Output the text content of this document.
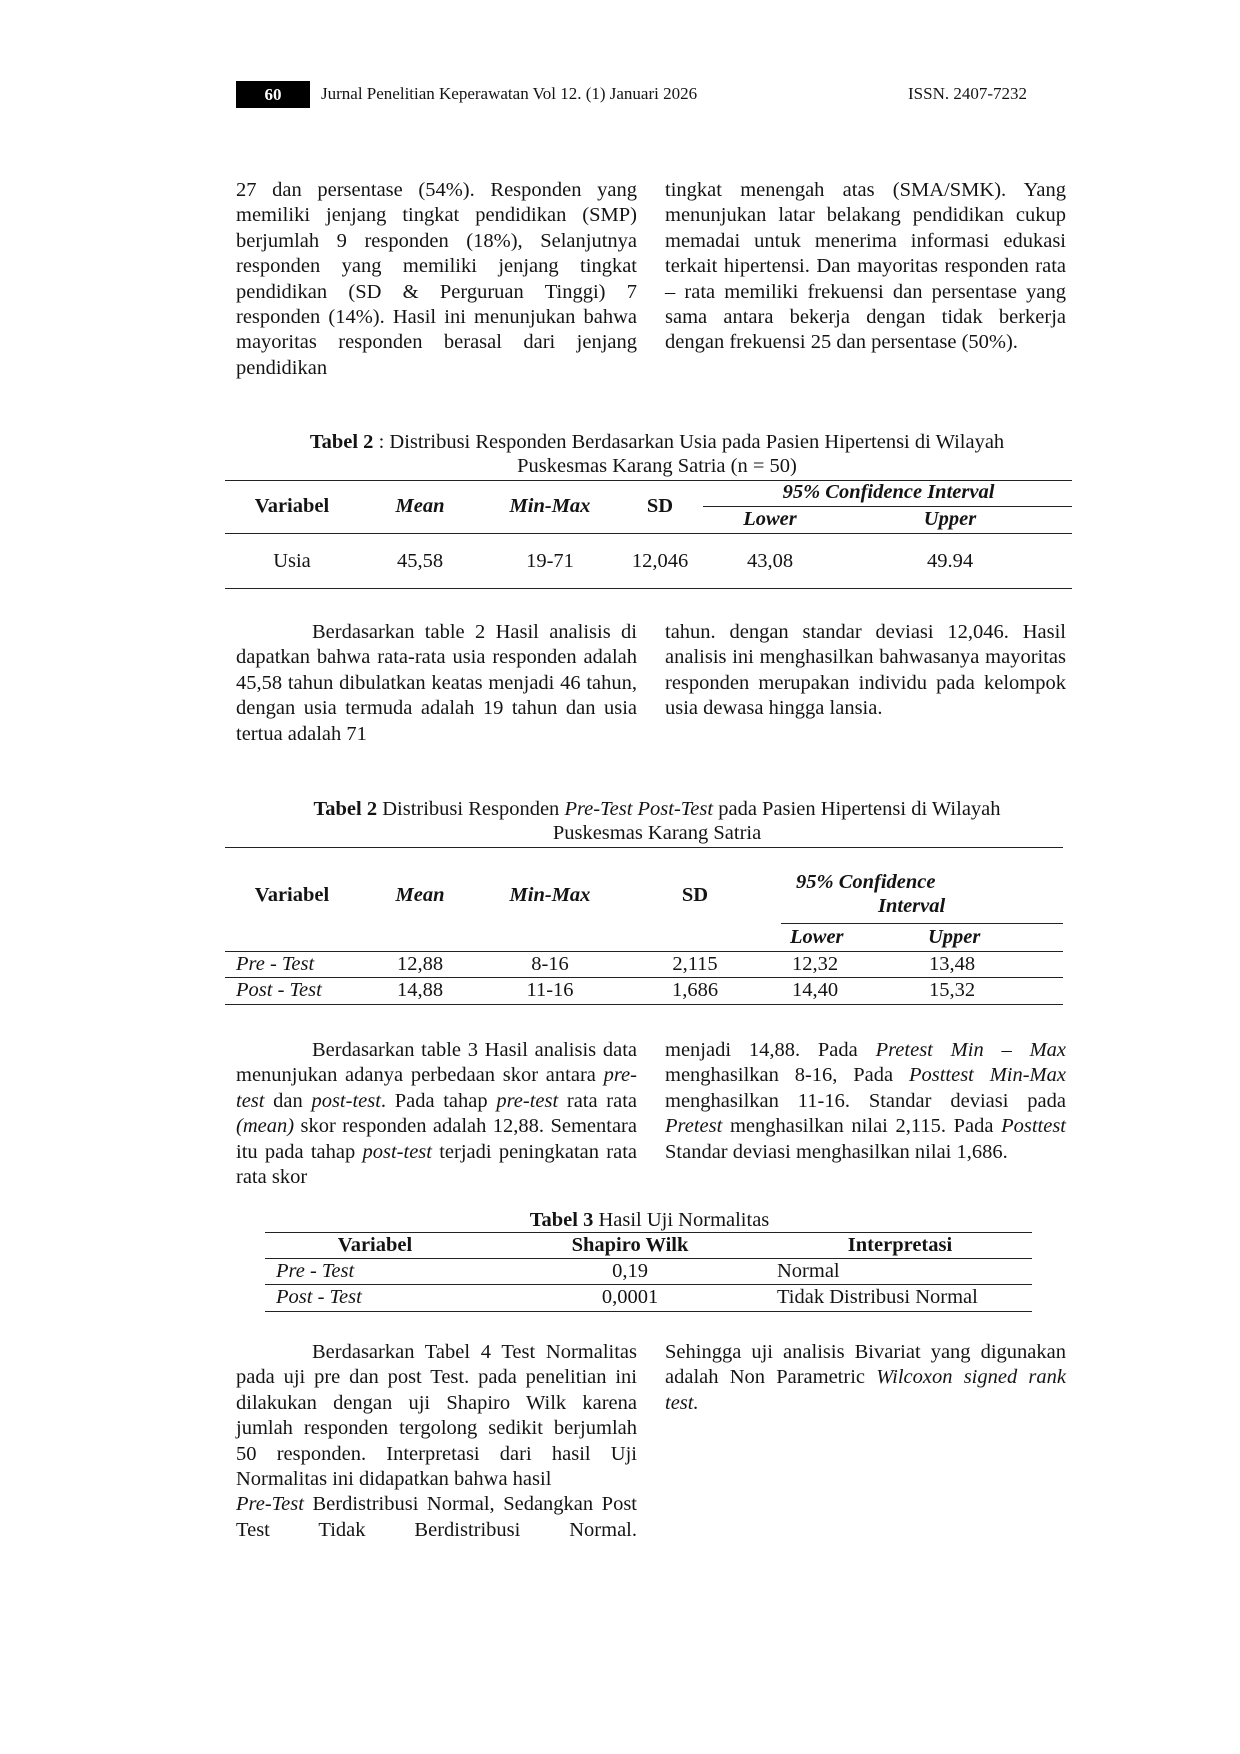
60	Jurnal Penelitian Keperawatan Vol 12. (1) Januari 2026	ISSN. 2407-7232

27 dan persentase (54%). Responden yang memiliki jenjang tingkat pendidikan (SMP) berjumlah 9 responden (18%), Selanjutnya responden yang memiliki jenjang tingkat pendidikan (SD & Perguruan Tinggi) 7 responden (14%). Hasil ini menunjukan bahwa mayoritas responden berasal dari jenjang pendidikan

tingkat menengah atas (SMA/SMK). Yang menunjukan latar belakang pendidikan cukup memadai untuk menerima informasi edukasi terkait hipertensi. Dan mayoritas responden rata – rata memiliki frekuensi dan persentase yang sama antara bekerja dengan tidak berkerja dengan frekuensi 25 dan persentase (50%).

Tabel 2 : Distribusi Responden Berdasarkan Usia pada Pasien Hipertensi di Wilayah
Puskesmas Karang Satria (n = 50)
Variabel	Mean	Min-Max	SD
95% Confidence Interval
Lower	Upper
Usia	45,58	19-71	12,046	43,08	49.94

Berdasarkan table 2 Hasil analisis di dapatkan bahwa rata-rata usia responden adalah 45,58 tahun dibulatkan keatas menjadi 46 tahun, dengan usia termuda adalah 19 tahun dan usia tertua adalah 71

tahun. dengan standar deviasi 12,046. Hasil analisis ini menghasilkan bahwasanya mayoritas responden merupakan individu pada kelompok usia dewasa hingga lansia.

Tabel 2 Distribusi Responden Pre-Test Post-Test pada Pasien Hipertensi di Wilayah
Puskesmas Karang Satria
Variabel	Mean	Min-Max	SD
95% Confidence
Interval
Lower	Upper
Pre - Test	12,88	8-16	2,115	12,32	13,48
Post - Test	14,88	11-16	1,686	14,40	15,32

Berdasarkan table 3 Hasil analisis data menunjukan adanya perbedaan skor antara pre-test dan post-test. Pada tahap pre-test rata rata (mean) skor responden adalah 12,88. Sementara itu pada tahap post-test terjadi peningkatan rata rata skor

menjadi 14,88. Pada Pretest Min – Max menghasilkan 8-16, Pada Posttest Min-Max menghasilkan 11-16. Standar deviasi pada Pretest menghasilkan nilai 2,115. Pada Posttest Standar deviasi menghasilkan nilai 1,686.

Tabel 3 Hasil Uji Normalitas
Variabel	Shapiro Wilk	Interpretasi
Pre - Test	0,19	Normal
Post - Test	0,0001	Tidak Distribusi Normal

Berdasarkan Tabel 4 Test Normalitas pada uji pre dan post Test. pada penelitian ini dilakukan dengan uji Shapiro Wilk karena jumlah responden tergolong sedikit berjumlah 50 responden. Interpretasi dari hasil Uji Normalitas ini didapatkan bahwa hasil

Pre-Test Berdistribusi Normal, Sedangkan Post Test Tidak Berdistribusi Normal.

Sehingga uji analisis Bivariat yang digunakan adalah Non Parametric Wilcoxon signed rank test.
